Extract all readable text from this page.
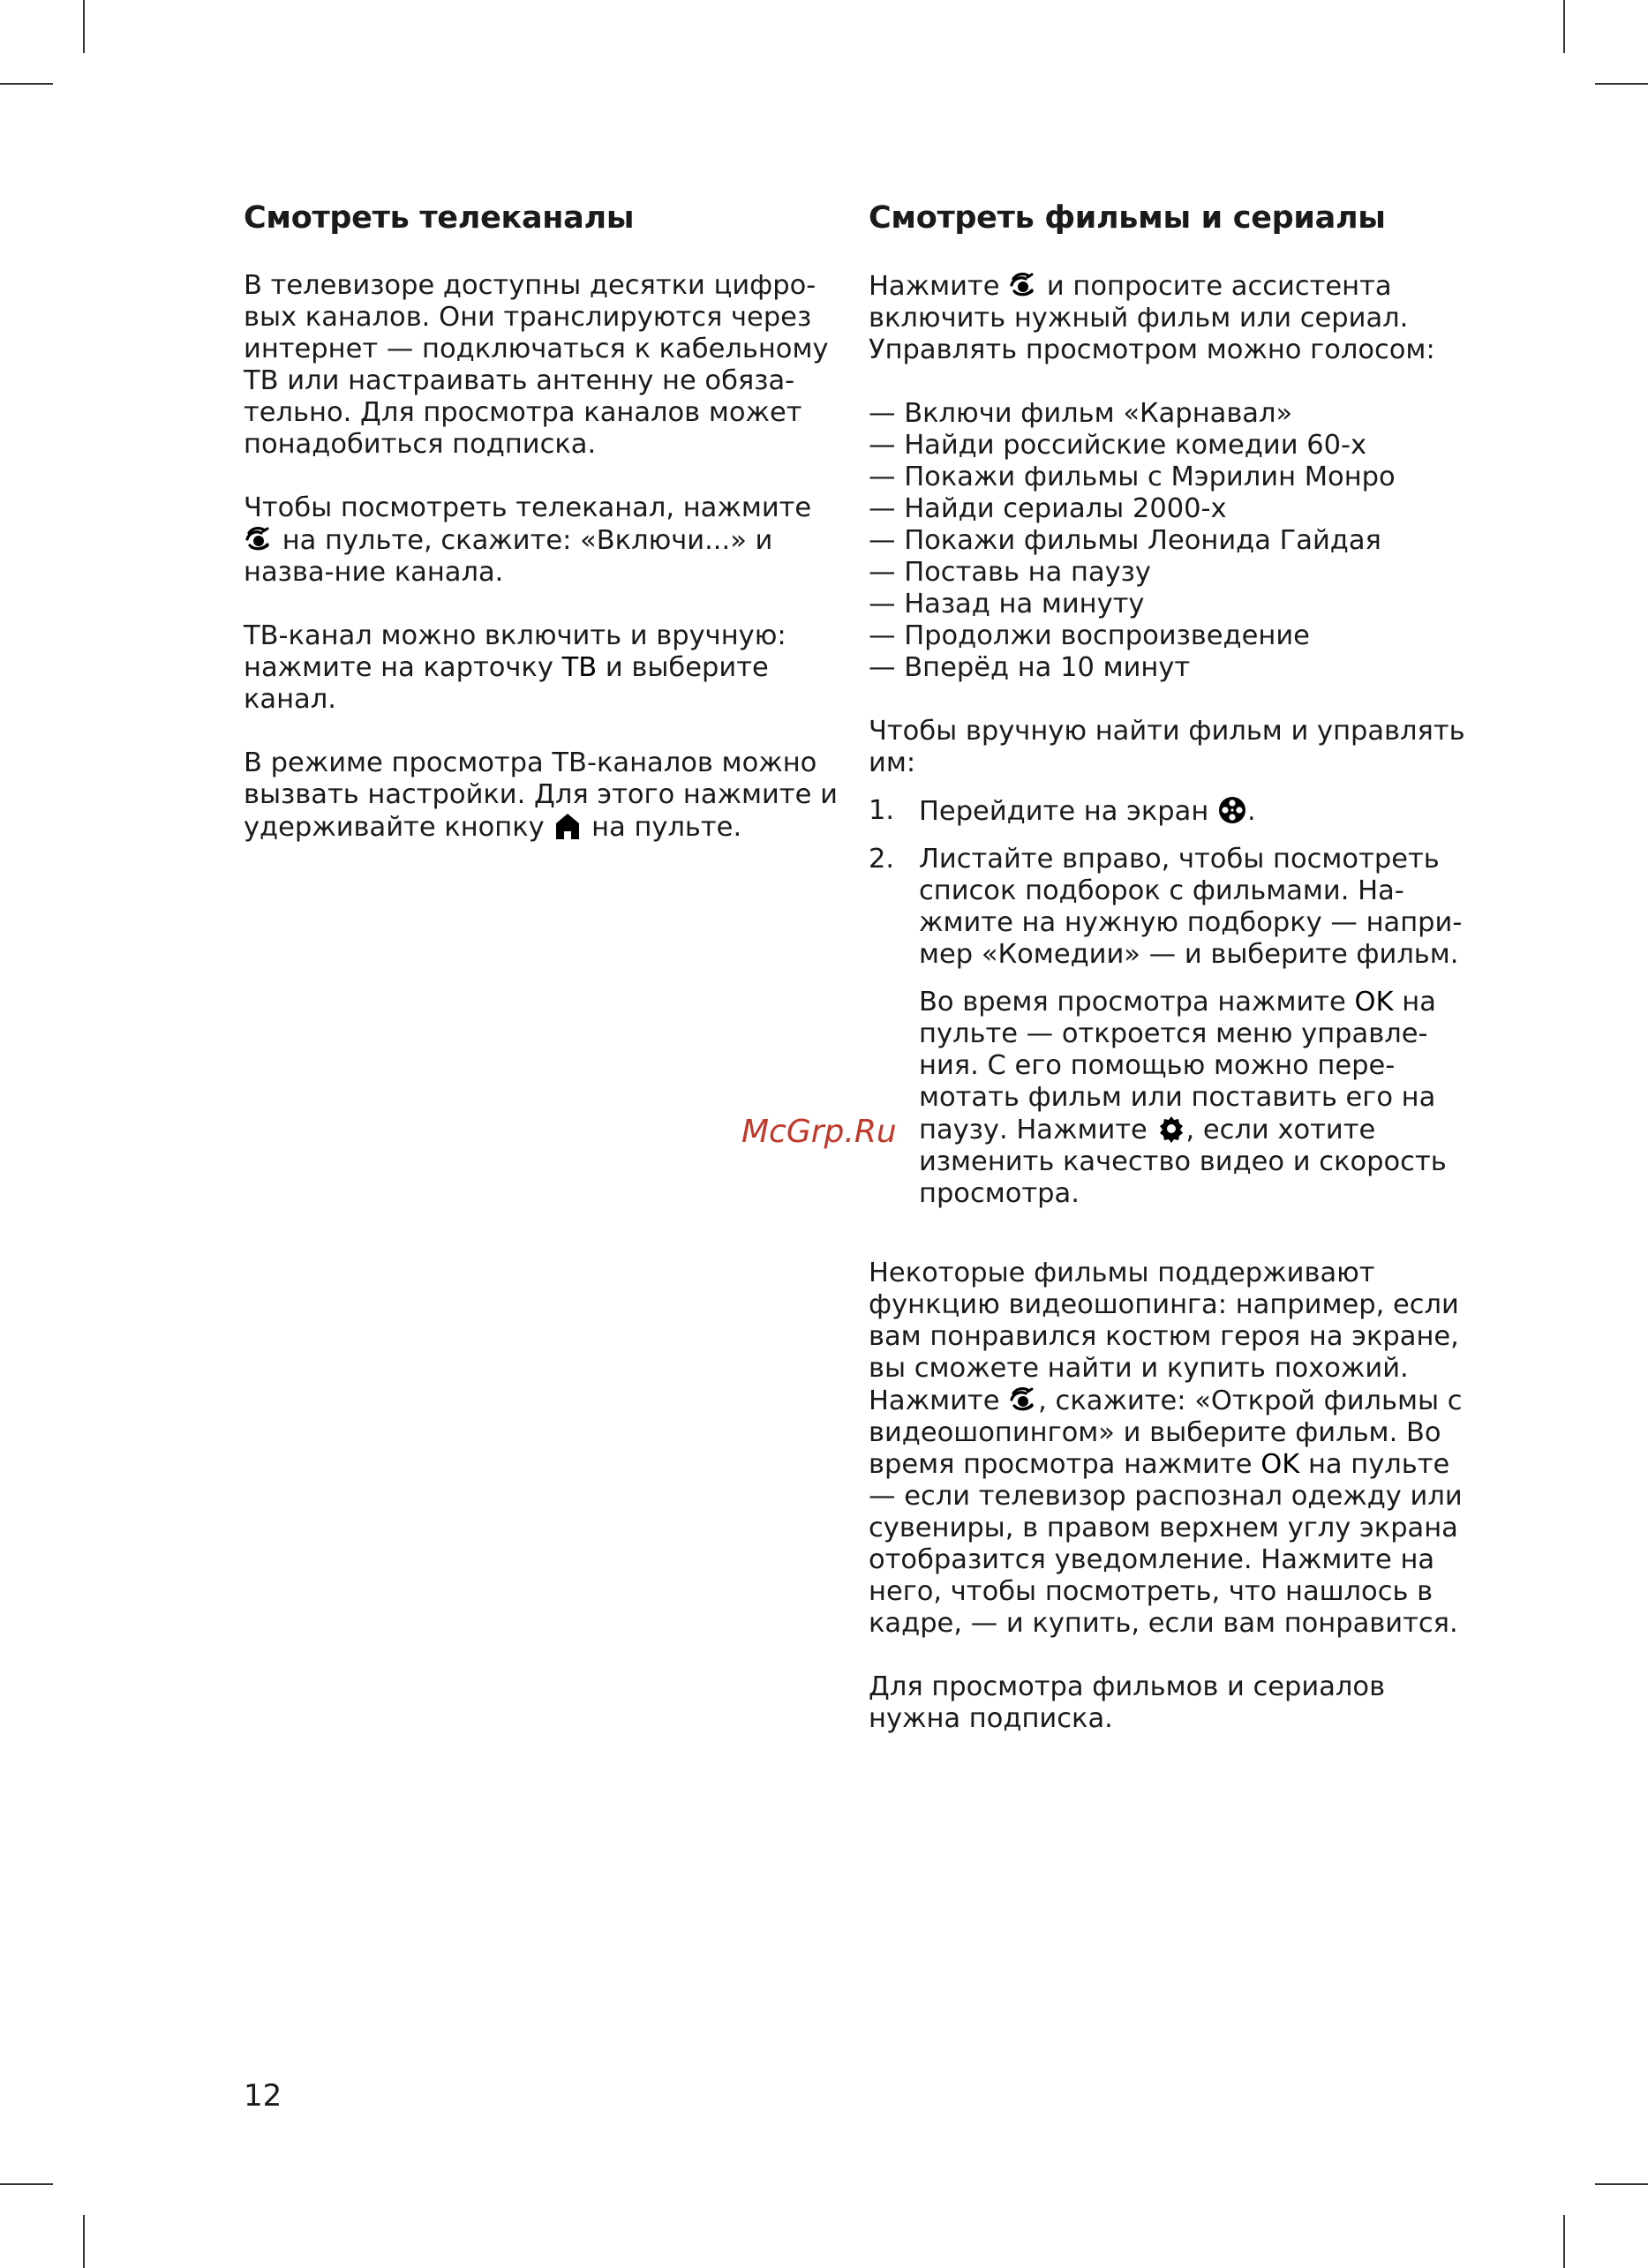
Смотреть телеканалы

В телевизоре доступны десятки цифро-вых каналов. Они транслируются через интернет — подключаться к кабельному ТВ или настраивать антенну не обяза-тельно. Для просмотра каналов может понадобиться подписка.

Чтобы посмотреть телеканал, нажмите
на пульте, скажите: «Включи...» и назва-ние канала.

ТВ-канал можно включить и вручную: нажмите на карточку ТВ и выберите канал.

В режиме просмотра ТВ-каналов можно вызвать настройки. Для этого нажмите и удерживайте кнопку на пульте.

Смотреть фильмы и сериалы

Нажмите и попросите ассистента включить нужный фильм или сериал. Управлять просмотром можно голосом:

— Включи фильм «Карнавал»
— Найди российские комедии 60-х
— Покажи фильмы с Мэрилин Монро
— Найди сериалы 2000-х
— Покажи фильмы Леонида Гайдая
— Поставь на паузу
— Назад на минуту
— Продолжи воспроизведение
— Вперёд на 10 минут

Чтобы вручную найти фильм и управлять им:

1. Перейдите на экран .
2. Листайте вправо, чтобы посмотреть список подборок с фильмами. На-жмите на нужную подборку — напри-мер «Комедии» — и выберите фильм.

Во время просмотра нажмите OK на пульте — откроется меню управле-ния. С его помощью можно пере-мотать фильм или поставить его на паузу. Нажмите , если хотите изменить качество видео и скорость просмотра.

Некоторые фильмы поддерживают функцию видеошопинга: например, если вам понравился костюм героя на экране, вы сможете найти и купить похожий. Нажмите , скажите: «Открой фильмы с видеошопингом» и выберите фильм. Во время просмотра нажмите OK на пульте — если телевизор распознал одежду или сувениры, в правом верхнем углу экрана отобразится уведомление. Нажмите на него, чтобы посмотреть, что нашлось в кадре, — и купить, если вам понравится.

Для просмотра фильмов и сериалов нужна подписка.

McGrp.Ru
12
